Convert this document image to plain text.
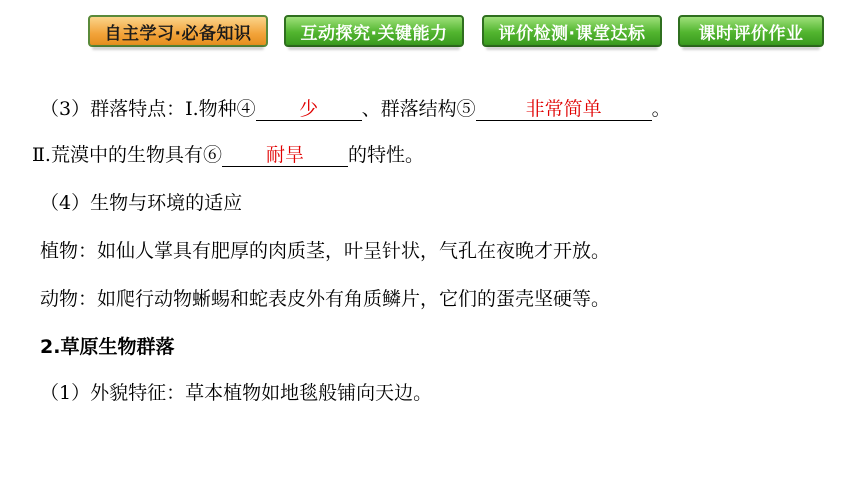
自主学习·必备知识	互动探究·关键能力	评价检测·课堂达标	课时评价作业
（3）群落特点：Ⅰ.物种④ 少 、群落结构⑤	非常简单	。
Ⅱ.荒漠中的生物具有⑥ 耐旱 的特性。
（4）生物与环境的适应
植物：如仙人掌具有肥厚的肉质茎，叶呈针状，气孔在夜晚才开放。
动物：如爬行动物蜥蜴和蛇表皮外有角质鳞片，它们的蛋壳坚硬等。
2.草原生物群落
（1）外貌特征：草本植物如地毯般铺向天边。
